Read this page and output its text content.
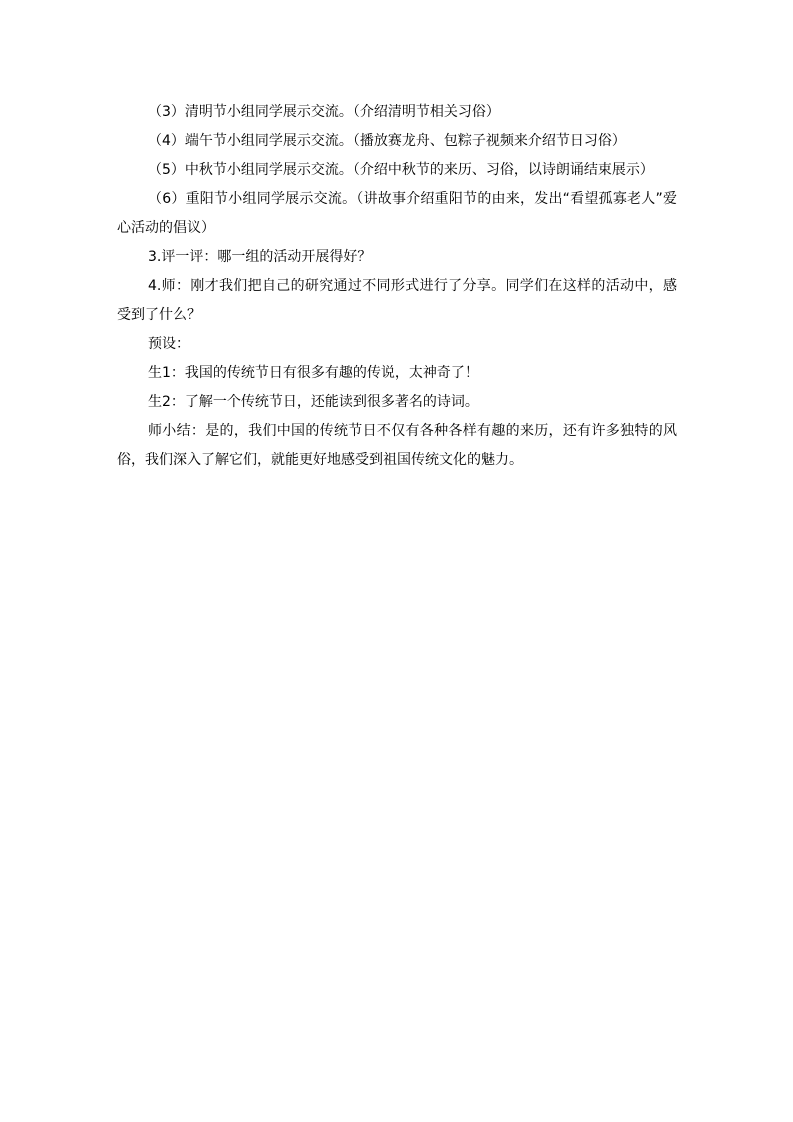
（3）清明节小组同学展示交流。（介绍清明节相关习俗）

（4）端午节小组同学展示交流。（播放赛龙舟、包粽子视频来介绍节日习俗）

（5）中秋节小组同学展示交流。（介绍中秋节的来历、习俗，以诗朗诵结束展示）

（6）重阳节小组同学展示交流。（讲故事介绍重阳节的由来，发出“看望孤寡老人”爱心活动的倡议）

3.评一评：哪一组的活动开展得好？

4.师：刚才我们把自己的研究通过不同形式进行了分享。同学们在这样的活动中，感受到了什么？

预设：

生1：我国的传统节日有很多有趣的传说，太神奇了！

生2：了解一个传统节日，还能读到很多著名的诗词。

师小结：是的，我们中国的传统节日不仅有各种各样有趣的来历，还有许多独特的风俗，我们深入了解它们，就能更好地感受到祖国传统文化的魅力。
